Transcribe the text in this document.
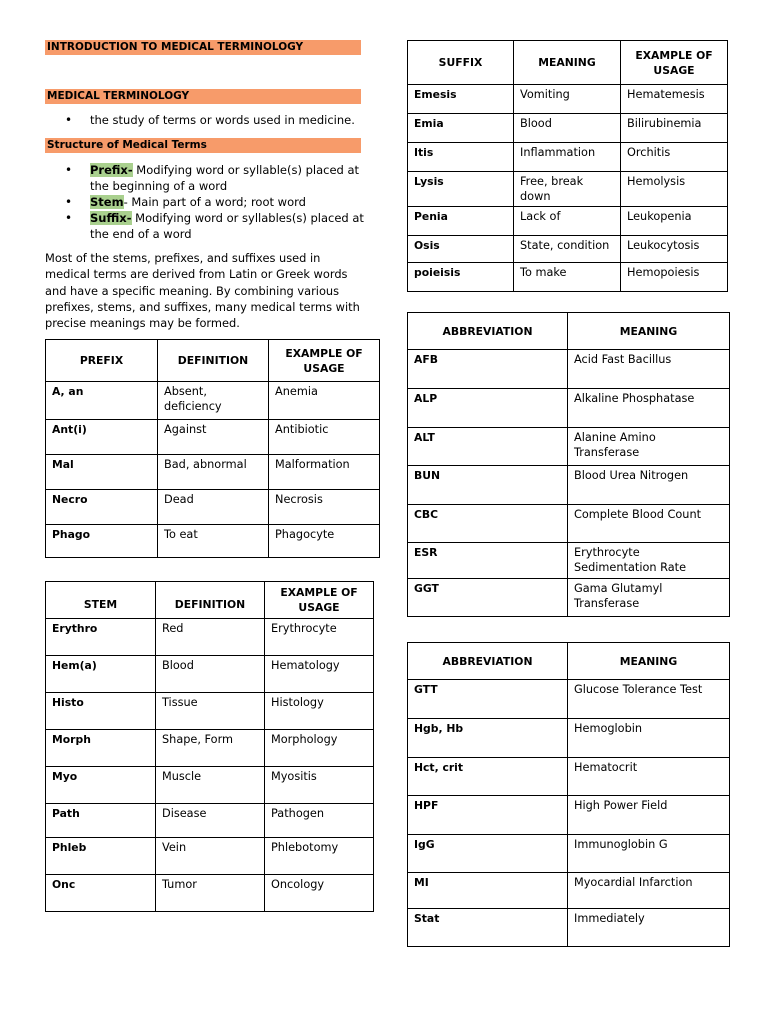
INTRODUCTION TO MEDICAL TERMINOLOGY
MEDICAL TERMINOLOGY
• the study of terms or words used in medicine.
Structure of Medical Terms
• Prefix- Modifying word or syllable(s) placed at the beginning of a word
• Stem- Main part of a word; root word
• Suffix- Modifying word or syllables(s) placed at the end of a word
Most of the stems, prefixes, and suffixes used in medical terms are derived from Latin or Greek words and have a specific meaning. By combining various prefixes, stems, and suffixes, many medical terms with precise meanings may be formed.
PREFIX	DEFINITION	EXAMPLE OF USAGE
A, an	Absent, deficiency	Anemia
Ant(i)	Against	Antibiotic
Mal	Bad, abnormal	Malformation
Necro	Dead	Necrosis
Phago	To eat	Phagocyte
STEM	DEFINITION	EXAMPLE OF USAGE
Erythro	Red	Erythrocyte
Hem(a)	Blood	Hematology
Histo	Tissue	Histology
Morph	Shape, Form	Morphology
Myo	Muscle	Myositis
Path	Disease	Pathogen
Phleb	Vein	Phlebotomy
Onc	Tumor	Oncology
SUFFIX	MEANING	EXAMPLE OF USAGE
Emesis	Vomiting	Hematemesis
Emia	Blood	Bilirubinemia
Itis	Inflammation	Orchitis
Lysis	Free, break down	Hemolysis
Penia	Lack of	Leukopenia
Osis	State, condition	Leukocytosis
poieisis	To make	Hemopoiesis
ABBREVIATION	MEANING
AFB	Acid Fast Bacillus
ALP	Alkaline Phosphatase
ALT	Alanine Amino Transferase
BUN	Blood Urea Nitrogen
CBC	Complete Blood Count
ESR	Erythrocyte Sedimentation Rate
GGT	Gama Glutamyl Transferase
ABBREVIATION	MEANING
GTT	Glucose Tolerance Test
Hgb, Hb	Hemoglobin
Hct, crit	Hematocrit
HPF	High Power Field
IgG	Immunoglobin G
MI	Myocardial Infarction
Stat	Immediately
